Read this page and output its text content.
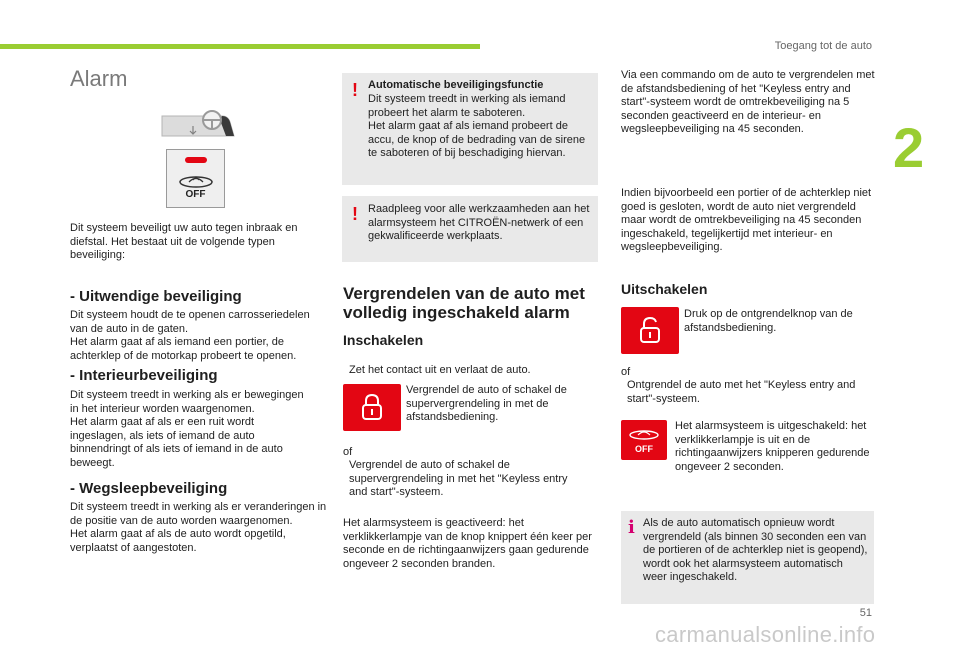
Toegang tot de auto
2
Alarm
OFF
Dit systeem beveiligt uw auto tegen inbraak en diefstal. Het bestaat uit de volgende typen beveiliging:
- Uitwendige beveiliging
Dit systeem houdt de te openen carrosseriedelen van de auto in de gaten.
Het alarm gaat af als iemand een portier, de achterklep of de motorkap probeert te openen.
- Interieurbeveiliging
Dit systeem treedt in werking als er bewegingen in het interieur worden waargenomen.
Het alarm gaat af als er een ruit wordt ingeslagen, als iets of iemand de auto binnendringt of als iets of iemand in de auto beweegt.
- Wegsleepbeveiliging
Dit systeem treedt in werking als er veranderingen in de positie van de auto worden waargenomen.
Het alarm gaat af als de auto wordt opgetild, verplaatst of aangestoten.
! Automatische beveiligingsfunctie
Dit systeem treedt in werking als iemand probeert het alarm te saboteren.
Het alarm gaat af als iemand probeert de accu, de knop of de bedrading van de sirene te saboteren of bij beschadiging hiervan.
! Raadpleeg voor alle werkzaamheden aan het alarmsysteem het CITROËN-netwerk of een gekwalificeerde werkplaats.
Vergrendelen van de auto met volledig ingeschakeld alarm
Inschakelen
Zet het contact uit en verlaat de auto.
Vergrendel de auto of schakel de supervergrendeling in met de afstandsbediening.
of
Vergrendel de auto of schakel de supervergrendeling in met het "Keyless entry and start"-systeem.
Het alarmsysteem is geactiveerd: het verklikkerlampje van de knop knippert één keer per seconde en de richtingaanwijzers gaan gedurende ongeveer 2 seconden branden.
Via een commando om de auto te vergrendelen met de afstandsbediening of het "Keyless entry and start"-systeem wordt de omtrekbeveiliging na 5 seconden geactiveerd en de interieur- en wegsleepbeveiliging na 45 seconden.
Indien bijvoorbeeld een portier of de achterklep niet goed is gesloten, wordt de auto niet vergrendeld maar wordt de omtrekbeveiliging na 45 seconden ingeschakeld, tegelijkertijd met interieur- en wegsleepbeveiliging.
Uitschakelen
Druk op de ontgrendelknop van de afstandsbediening.
of
Ontgrendel de auto met het "Keyless entry and start"-systeem.
OFF
Het alarmsysteem is uitgeschakeld: het verklikkerlampje is uit en de richtingaanwijzers knipperen gedurende ongeveer 2 seconden.
i Als de auto automatisch opnieuw wordt vergrendeld (als binnen 30 seconden een van de portieren of de achterklep niet is geopend), wordt ook het alarmsysteem automatisch weer ingeschakeld.
51
carmanualsonline.info
